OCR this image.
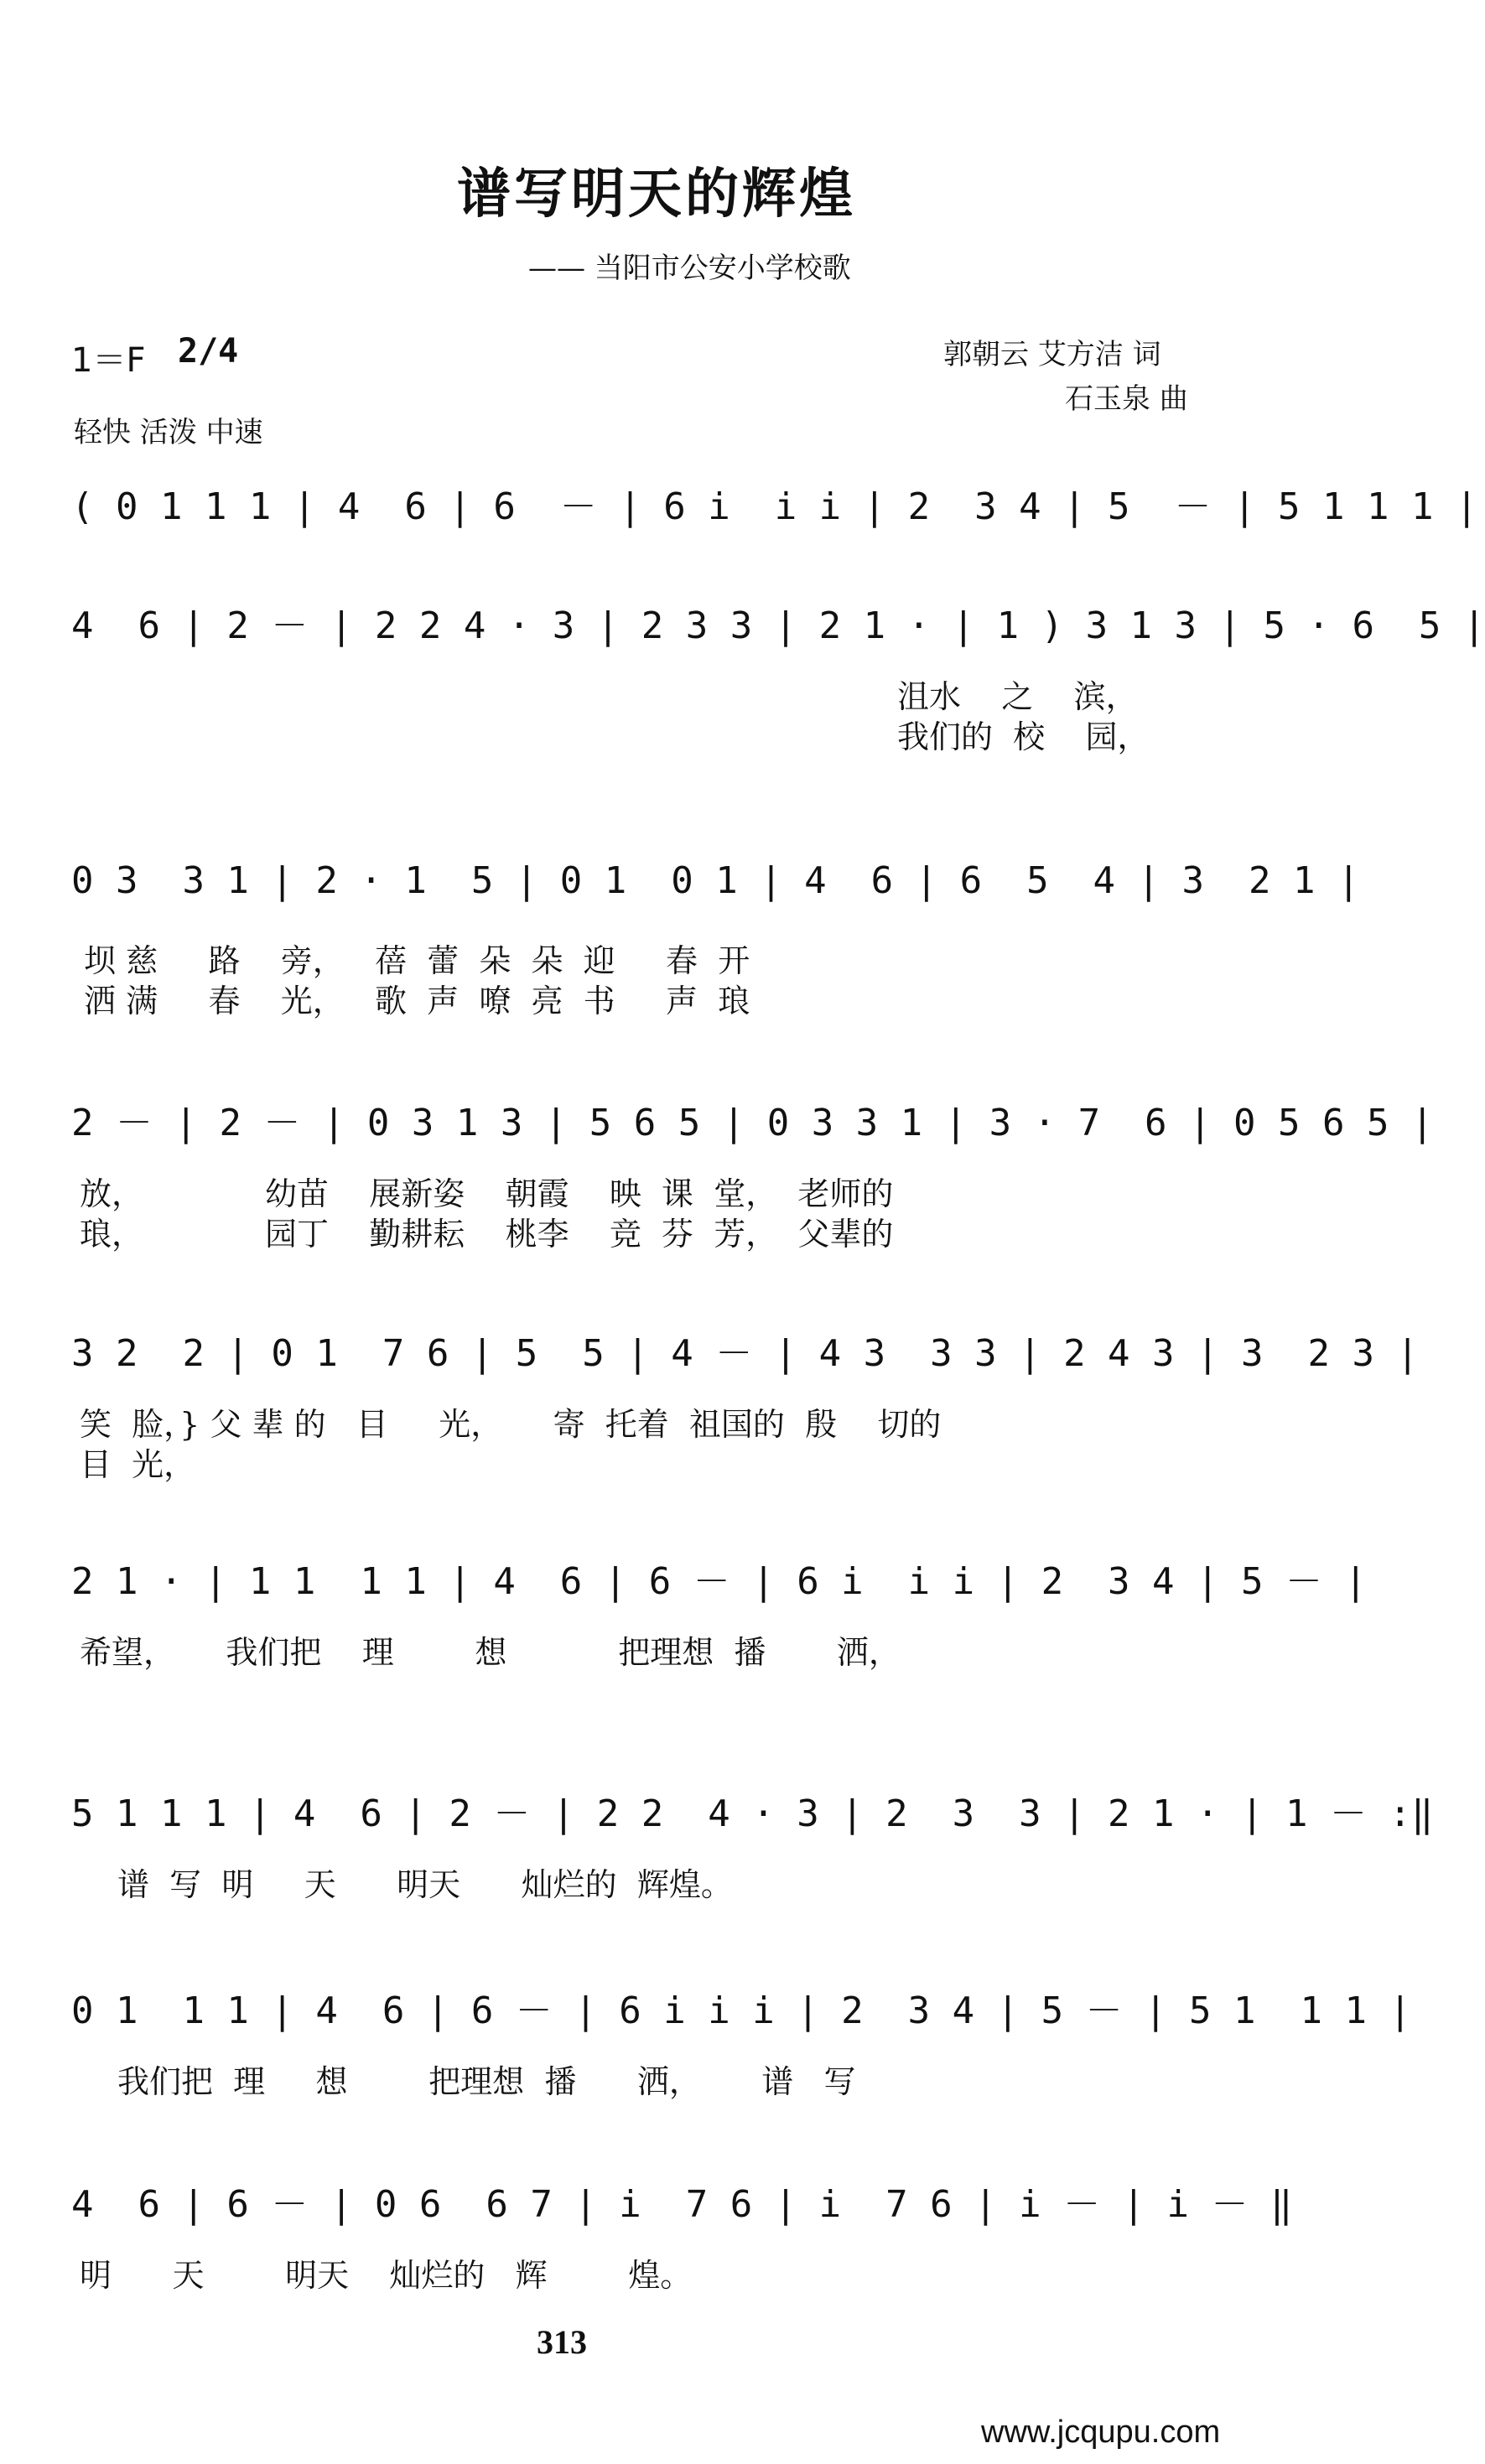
谱写明天的辉煌
—— 当阳市公安小学校歌
1＝F 2/4	郭朝云 艾方洁 词
石玉泉 曲
轻快 活泼 中速
( 0 1 1 1 | 4  6 | 6  － | 6 i  i i | 2  3 4 | 5  － | 5 1 1 1 |
4  6 | 2 － | 2 2 4 · 3 | 2 3 3 | 2 1 · | 1 ) 3 1 3 | 5 · 6  5 |
沮水    之    滨，
我们的  校    园，
0 3  3 1 | 2 · 1  5 | 0 1  0 1 | 4  6 | 6  5  4 | 3  2 1 |
坝 慈     路    旁，   蓓  蕾  朵  朵  迎     春  开
洒 满     春    光，   歌  声  嘹  亮  书     声  琅
2 － | 2 － | 0 3 1 3 | 5 6 5 | 0 3 3 1 | 3 · 7  6 | 0 5 6 5 |
放，            幼苗    展新姿    朝霞    映  课  堂，  老师的
琅，            园丁    勤耕耘    桃李    竞  芬  芳，  父辈的
3 2  2 | 0 1  7 6 | 5  5 | 4 － | 4 3  3 3 | 2 4 3 | 3  2 3 |
笑  脸，} 父 辈 的   目     光，     寄  托着  祖国的  殷    切的
目  光，
2 1 · | 1 1  1 1 | 4  6 | 6 － | 6 i  i i | 2  3 4 | 5 － |
希望，     我们把    理        想           把理想  播       洒，
5 1 1 1 | 4  6 | 2 － | 2 2  4 · 3 | 2  3  3 | 2 1 · | 1 － :‖
谱  写  明     天      明天      灿烂的  辉煌。
0 1  1 1 | 4  6 | 6 － | 6 i i i | 2  3 4 | 5 － | 5 1  1 1 |
我们把  理     想        把理想  播      洒，      谱   写
4  6 | 6 － | 0 6  6 7 | i  7 6 | i  7 6 | i － | i － ‖
明      天        明天    灿烂的   辉        煌。
313
www.jcqupu.com
